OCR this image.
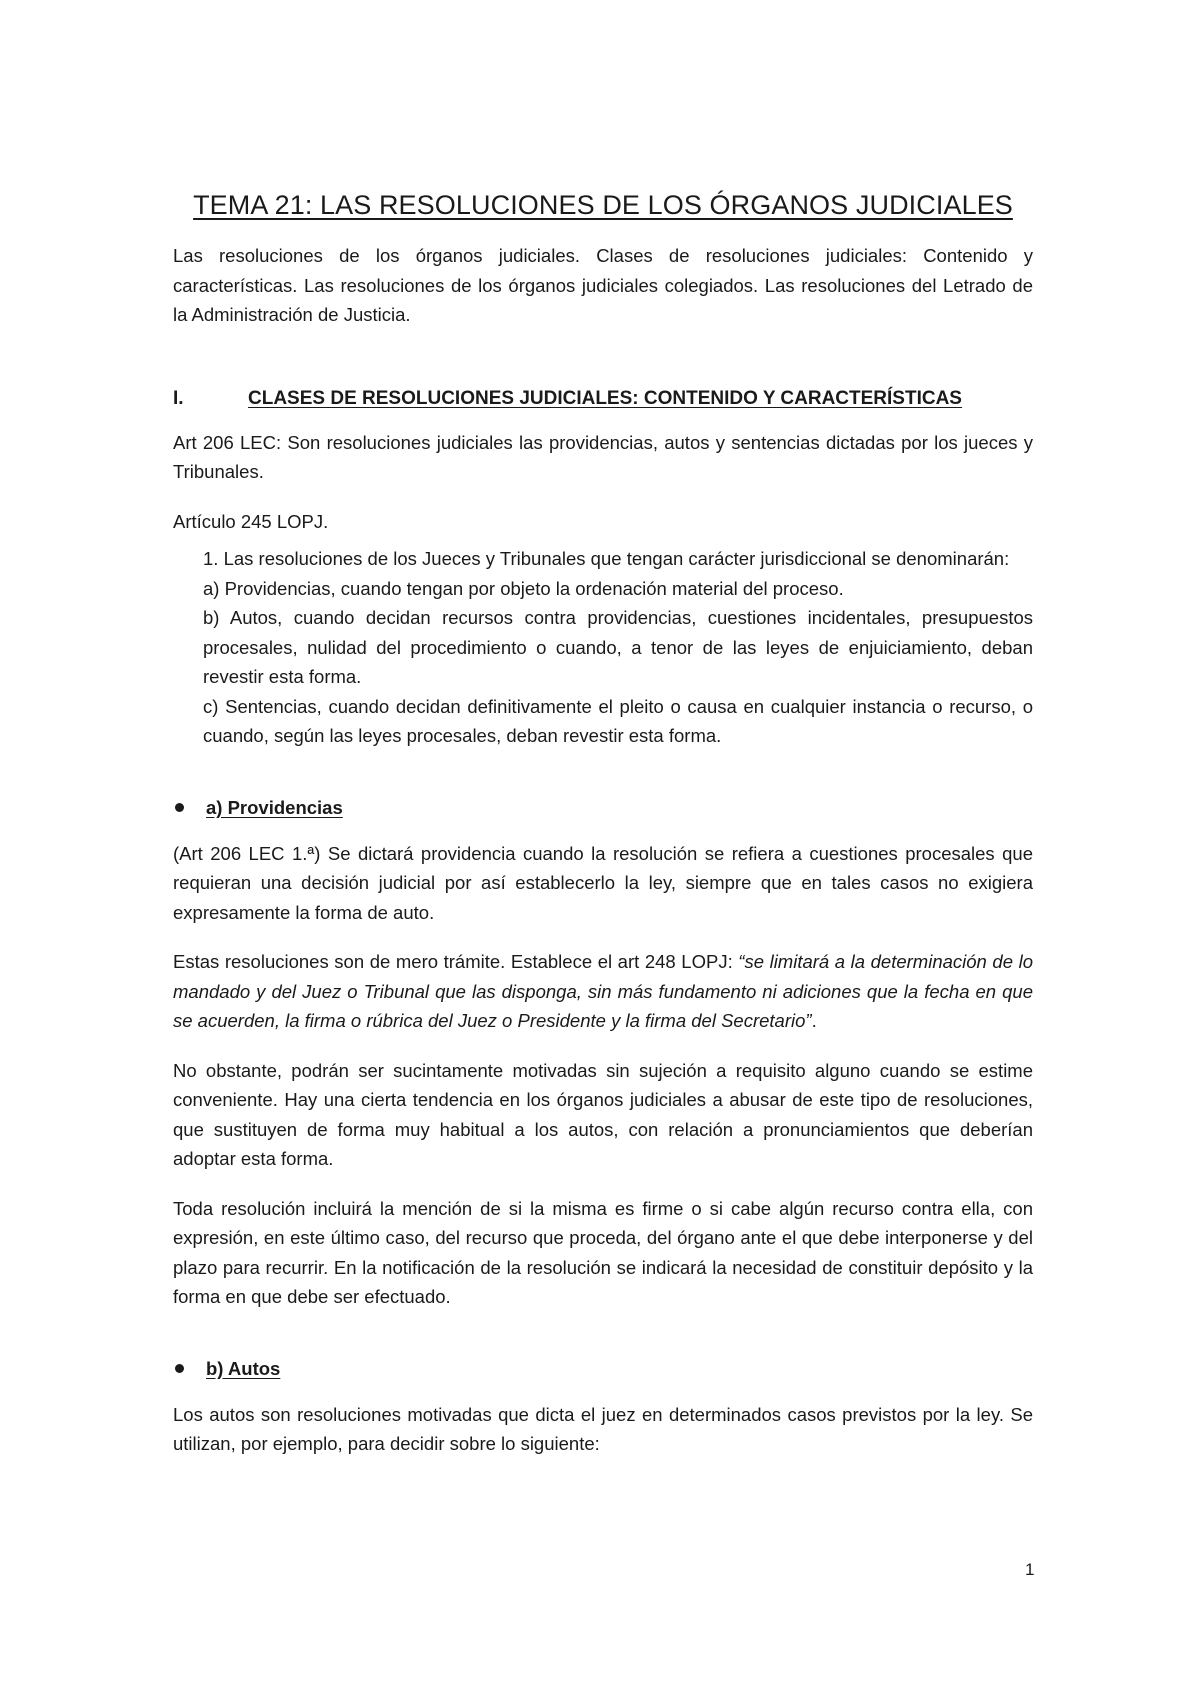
TEMA 21: LAS RESOLUCIONES DE LOS ÓRGANOS JUDICIALES

Las resoluciones de los órganos judiciales. Clases de resoluciones judiciales: Contenido y características. Las resoluciones de los órganos judiciales colegiados. Las resoluciones del Letrado de la Administración de Justicia.

I.	CLASES DE RESOLUCIONES JUDICIALES: CONTENIDO Y CARACTERÍSTICAS

Art 206 LEC: Son resoluciones judiciales las providencias, autos y sentencias dictadas por los jueces y Tribunales.

Artículo 245 LOPJ.

1. Las resoluciones de los Jueces y Tribunales que tengan carácter jurisdiccional se denominarán:
a) Providencias, cuando tengan por objeto la ordenación material del proceso.
b) Autos, cuando decidan recursos contra providencias, cuestiones incidentales, presupuestos procesales, nulidad del procedimiento o cuando, a tenor de las leyes de enjuiciamiento, deban revestir esta forma.
c) Sentencias, cuando decidan definitivamente el pleito o causa en cualquier instancia o recurso, o cuando, según las leyes procesales, deban revestir esta forma.
a) Providencias

(Art 206 LEC 1.ª) Se dictará providencia cuando la resolución se refiera a cuestiones procesales que requieran una decisión judicial por así establecerlo la ley, siempre que en tales casos no exigiera expresamente la forma de auto.

Estas resoluciones son de mero trámite. Establece el art 248 LOPJ: “se limitará a la determinación de lo mandado y del Juez o Tribunal que las disponga, sin más fundamento ni adiciones que la fecha en que se acuerden, la firma o rúbrica del Juez o Presidente y la firma del Secretario”.

No obstante, podrán ser sucintamente motivadas sin sujeción a requisito alguno cuando se estime conveniente. Hay una cierta tendencia en los órganos judiciales a abusar de este tipo de resoluciones, que sustituyen de forma muy habitual a los autos, con relación a pronunciamientos que deberían adoptar esta forma.

Toda resolución incluirá la mención de si la misma es firme o si cabe algún recurso contra ella, con expresión, en este último caso, del recurso que proceda, del órgano ante el que debe interponerse y del plazo para recurrir. En la notificación de la resolución se indicará la necesidad de constituir depósito y la forma en que debe ser efectuado.

b) Autos

Los autos son resoluciones motivadas que dicta el juez en determinados casos previstos por la ley. Se utilizan, por ejemplo, para decidir sobre lo siguiente:

1
